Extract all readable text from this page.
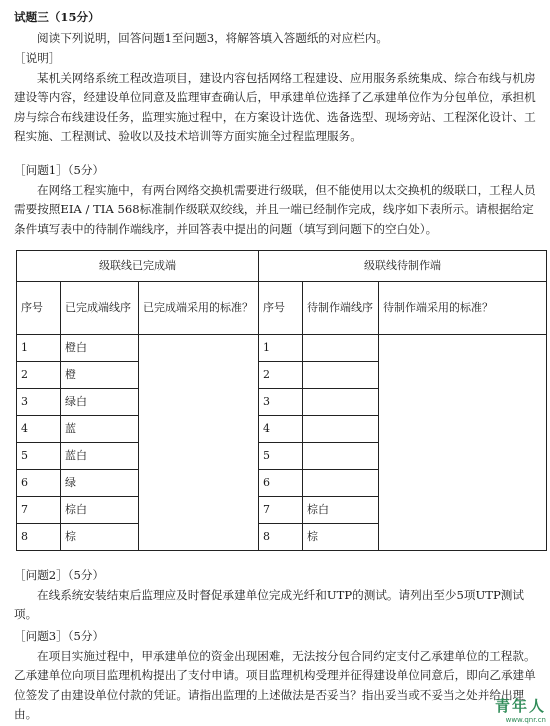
试题三（15分）
阅读下列说明，回答问题1至问题3，将解答填入答题纸的对应栏内。
［说明］
某机关网络系统工程改造项目，建设内容包括网络工程建设、应用服务系统集成、综合布线与机房建设等内容，经建设单位同意及监理审查确认后，甲承建单位选择了乙承建单位作为分包单位，承担机房与综合布线建设任务，监理实施过程中，在方案设计选优、选备选型、现场旁站、工程深化设计、工程实施、工程测试、验收以及技术培训等方面实施全过程监理服务。
［问题1］（5分）
在网络工程实施中，有两台网络交换机需要进行级联，但不能使用以太交换机的级联口，工程人员需要按照EIA / TIA 568标准制作级联双绞线，并且一端已经制作完成，线序如下表所示。请根据给定条件填写表中的待制作端线序，并回答表中提出的问题（填写到问题下的空白处）。
级联线已完成端			级联线待制作端		
序号	已完成端线序	已完成端采用的标准？	序号	待制作端线序	待制作端采用的标准？
1	橙白		1		
2	橙		2		
3	绿白		3		
4	蓝		4		
5	蓝白		5		
6	绿		6		
7	棕白		7	棕白	
8	棕		8	棕	
［问题2］（5分）
在线系统安装结束后监理应及时督促承建单位完成光纤和UTP的测试。请列出至少5项UTP测试项。
［问题3］（5分）
在项目实施过程中，甲承建单位的资金出现困难，无法按分包合同约定支付乙承建单位的工程款。乙承建单位向项目监理机构提出了支付申请。项目监理机构受理并征得建设单位同意后，即向乙承建单位签发了由建设单位付款的凭证。请指出监理的上述做法是否妥当？指出妥当或不妥当之处并给出理由。	青年人
www.qnr.cn
